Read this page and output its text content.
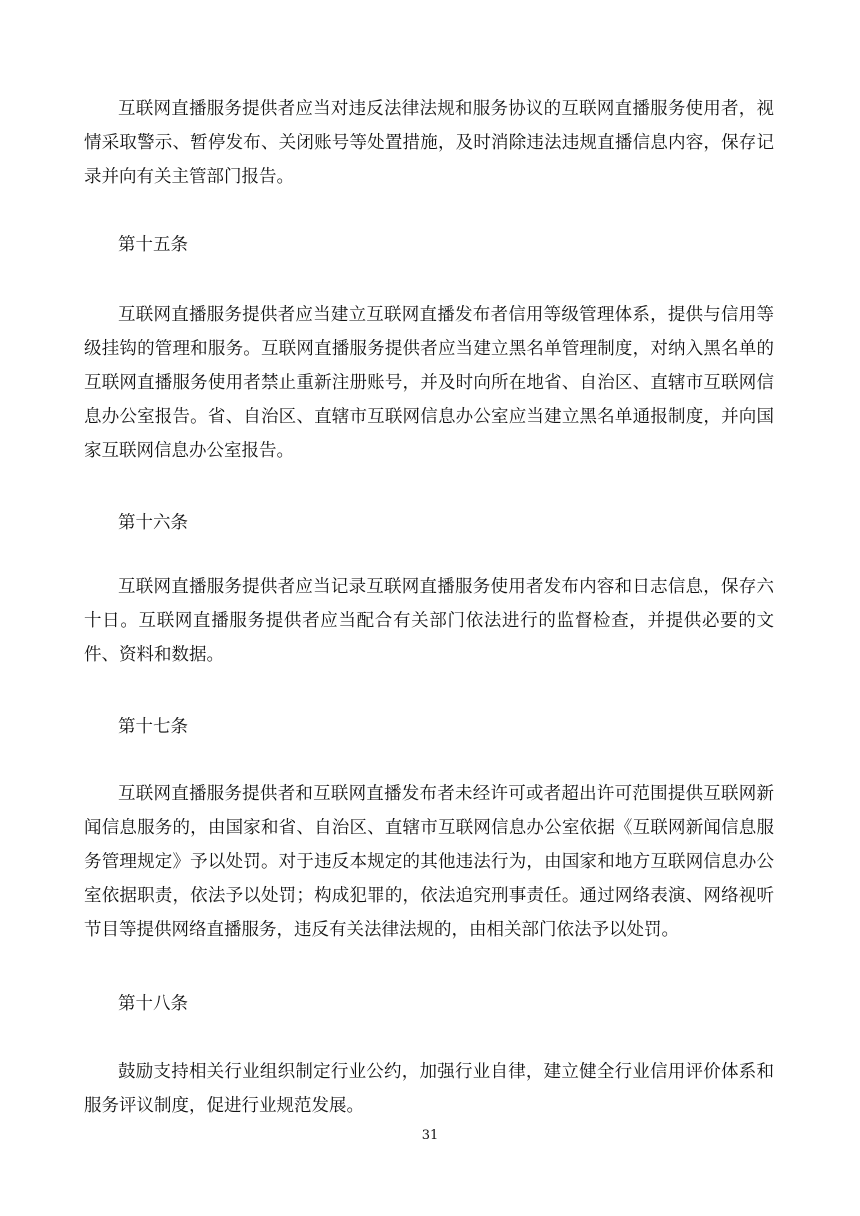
互联网直播服务提供者应当对违反法律法规和服务协议的互联网直播服务使用者，视情采取警示、暂停发布、关闭账号等处置措施，及时消除违法违规直播信息内容，保存记录并向有关主管部门报告。

第十五条

互联网直播服务提供者应当建立互联网直播发布者信用等级管理体系，提供与信用等级挂钩的管理和服务。互联网直播服务提供者应当建立黑名单管理制度，对纳入黑名单的互联网直播服务使用者禁止重新注册账号，并及时向所在地省、自治区、直辖市互联网信息办公室报告。省、自治区、直辖市互联网信息办公室应当建立黑名单通报制度，并向国家互联网信息办公室报告。

第十六条

互联网直播服务提供者应当记录互联网直播服务使用者发布内容和日志信息，保存六十日。互联网直播服务提供者应当配合有关部门依法进行的监督检查，并提供必要的文件、资料和数据。

第十七条

互联网直播服务提供者和互联网直播发布者未经许可或者超出许可范围提供互联网新闻信息服务的，由国家和省、自治区、直辖市互联网信息办公室依据《互联网新闻信息服务管理规定》予以处罚。对于违反本规定的其他违法行为，由国家和地方互联网信息办公室依据职责，依法予以处罚；构成犯罪的，依法追究刑事责任。通过网络表演、网络视听节目等提供网络直播服务，违反有关法律法规的，由相关部门依法予以处罚。

第十八条

鼓励支持相关行业组织制定行业公约，加强行业自律，建立健全行业信用评价体系和服务评议制度，促进行业规范发展。

31
